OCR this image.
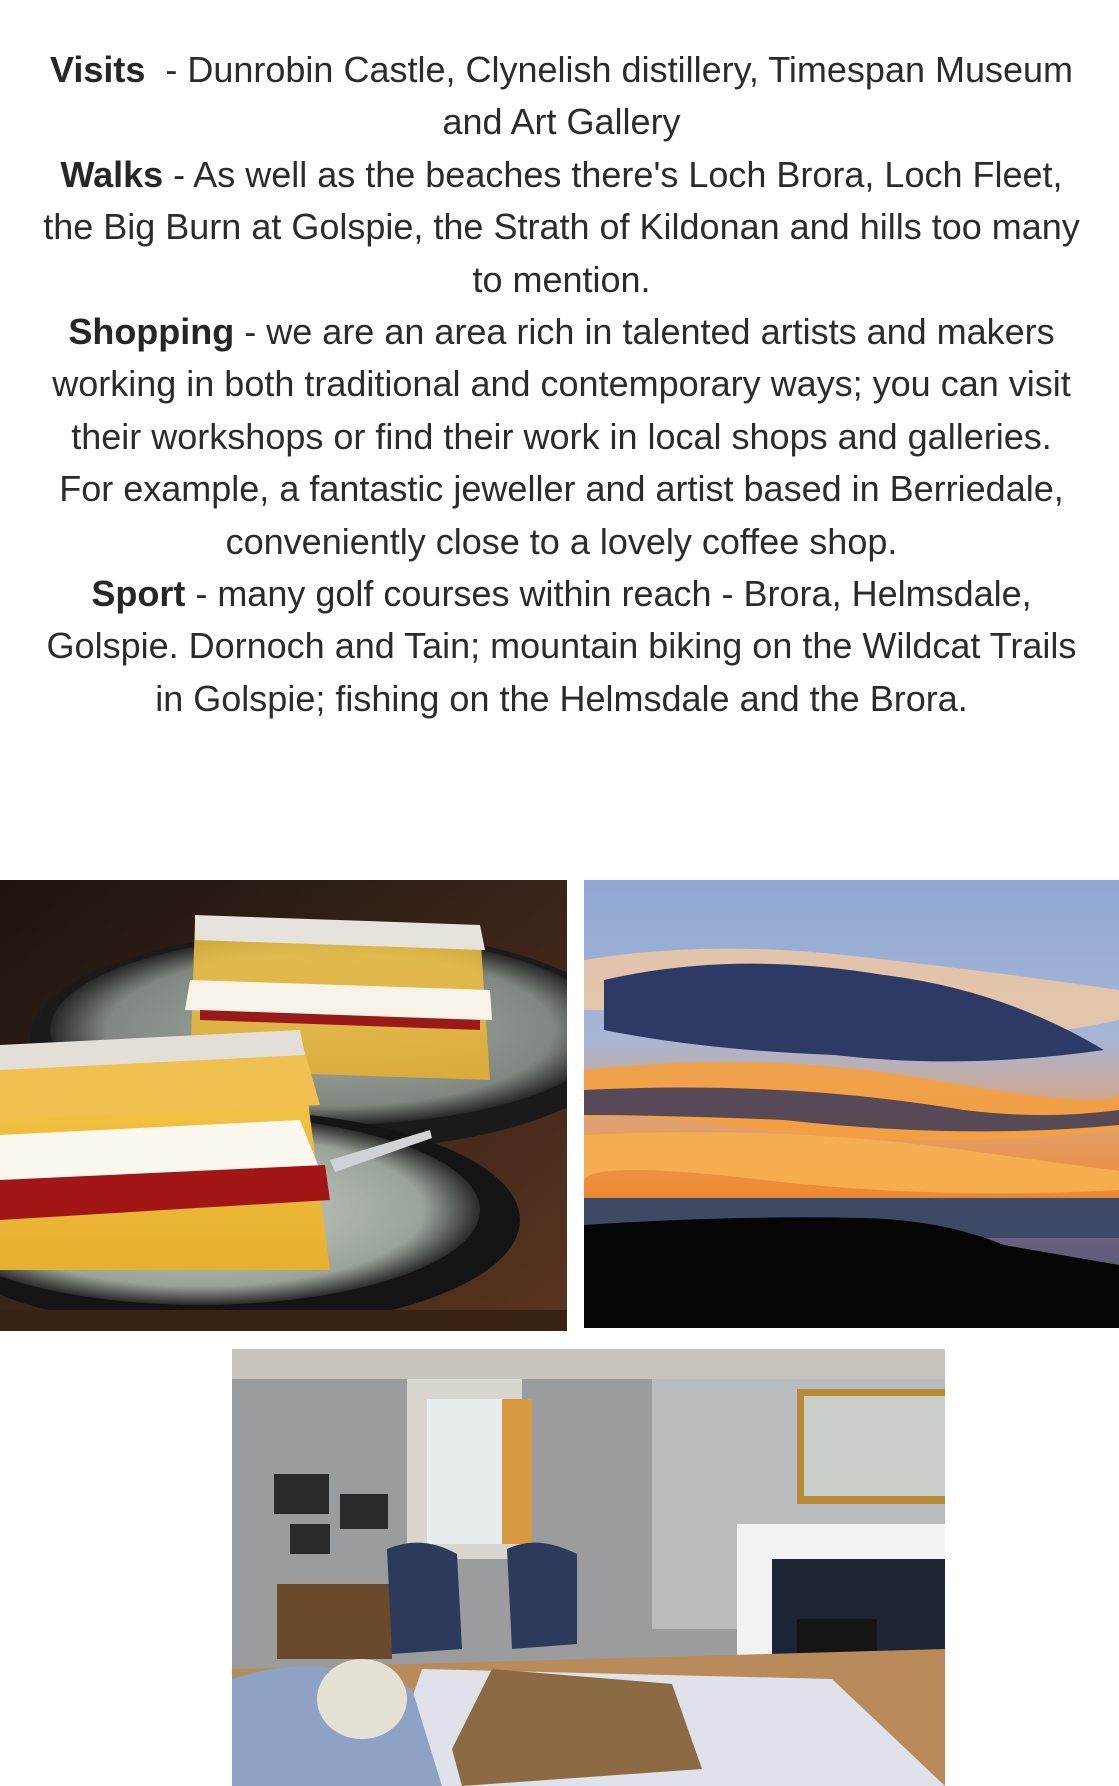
Visits  - Dunrobin Castle, Clynelish distillery, Timespan Museum and Art Gallery

Walks - As well as the beaches there's Loch Brora, Loch Fleet, the Big Burn at Golspie, the Strath of Kildonan and hills too many to mention.

Shopping - we are an area rich in talented artists and makers working in both traditional and contemporary ways; you can visit their workshops or find their work in local shops and galleries. For example, a fantastic jeweller and artist based in Berriedale, conveniently close to a lovely coffee shop.

Sport - many golf courses within reach - Brora, Helmsdale, Golspie. Dornoch and Tain; mountain biking on the Wildcat Trails in Golspie; fishing on the Helmsdale and the Brora.
